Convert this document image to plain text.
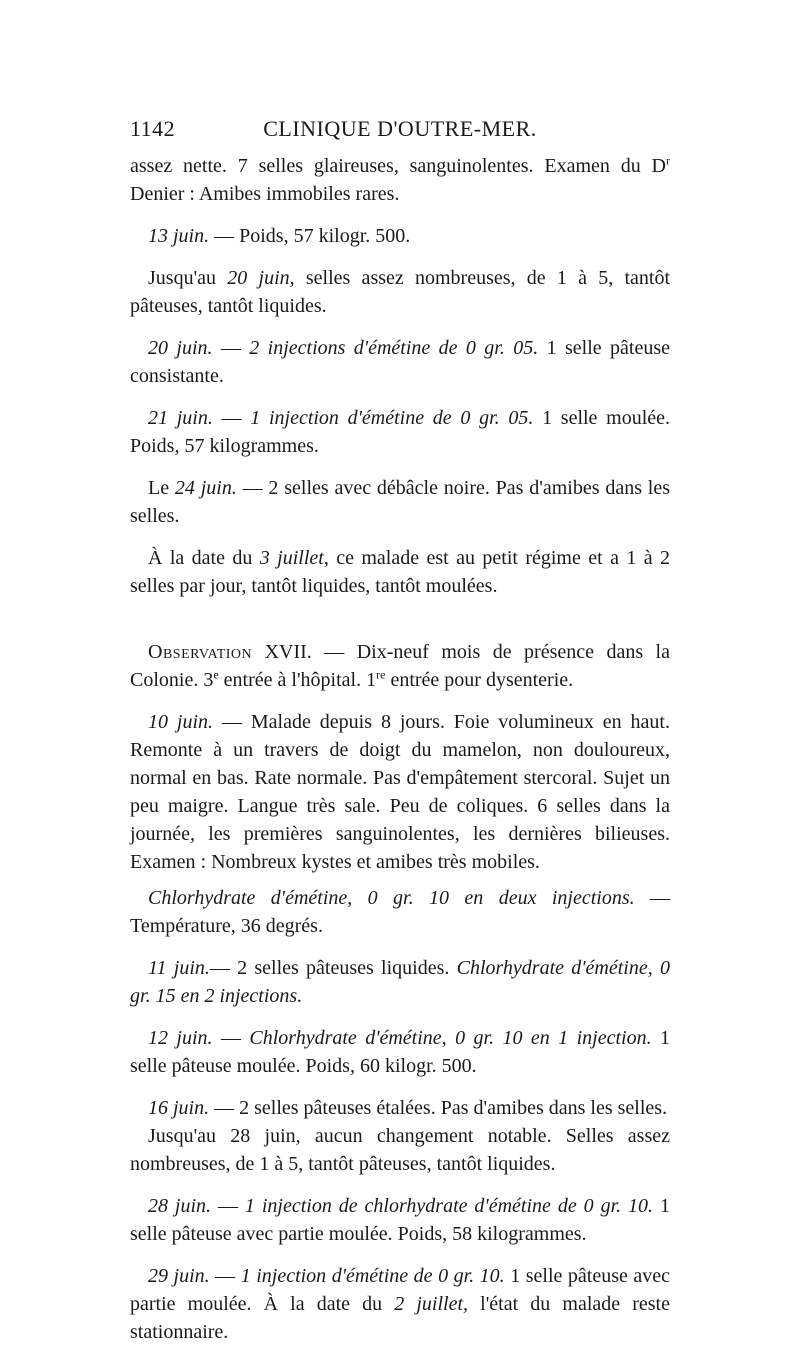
1142	CLINIQUE D'OUTRE-MER.

assez nette. 7 selles glaireuses, sanguinolentes. Examen du $D^r$ Denier : Amibes immobiles rares.

13 juin. — Poids, 57 kilogr. 500.

Jusqu'au 20 juin, selles assez nombreuses, de 1 à 5, tantôt pâteuses, tantôt liquides.

20 juin. — 2 injections d'émétine de 0 gr. 05. 1 selle pâteuse consistante.

21 juin. — 1 injection d'émétine de 0 gr. 05. 1 selle moulée. Poids, 57 kilogrammes.

Le 24 juin. — 2 selles avec débâcle noire. Pas d'amibes dans les selles.

À la date du 3 juillet, ce malade est au petit régime et a 1 à 2 selles par jour, tantôt liquides, tantôt moulées.

Observation XVII. — Dix-neuf mois de présence dans la Colonie. 3e entrée à l'hôpital. 1re entrée pour dysenterie.

10 juin. — Malade depuis 8 jours. Foie volumineux en haut. Remonte à un travers de doigt du mamelon, non douloureux, normal en bas. Rate normale. Pas d'empâtement stercoral. Sujet un peu maigre. Langue très sale. Peu de coliques. 6 selles dans la journée, les premières sanguinolentes, les dernières bilieuses. Examen : Nombreux kystes et amibes très mobiles.

Chlorhydrate d'émétine, 0 gr. 10 en deux injections. — Température, 36 degrés.

11 juin.— 2 selles pâteuses liquides. Chlorhydrate d'émétine, 0 gr. 15 en 2 injections.

12 juin. — Chlorhydrate d'émétine, 0 gr. 10 en 1 injection. 1 selle pâteuse moulée. Poids, 60 kilogr. 500.

16 juin. — 2 selles pâteuses étalées. Pas d'amibes dans les selles.

Jusqu'au 28 juin, aucun changement notable. Selles assez nombreuses, de 1 à 5, tantôt pâteuses, tantôt liquides.

28 juin. — 1 injection de chlorhydrate d'émétine de 0 gr. 10. 1 selle pâteuse avec partie moulée. Poids, 58 kilogrammes.

29 juin. — 1 injection d'émétine de 0 gr. 10. 1 selle pâteuse avec partie moulée. À la date du 2 juillet, l'état du malade reste stationnaire.
